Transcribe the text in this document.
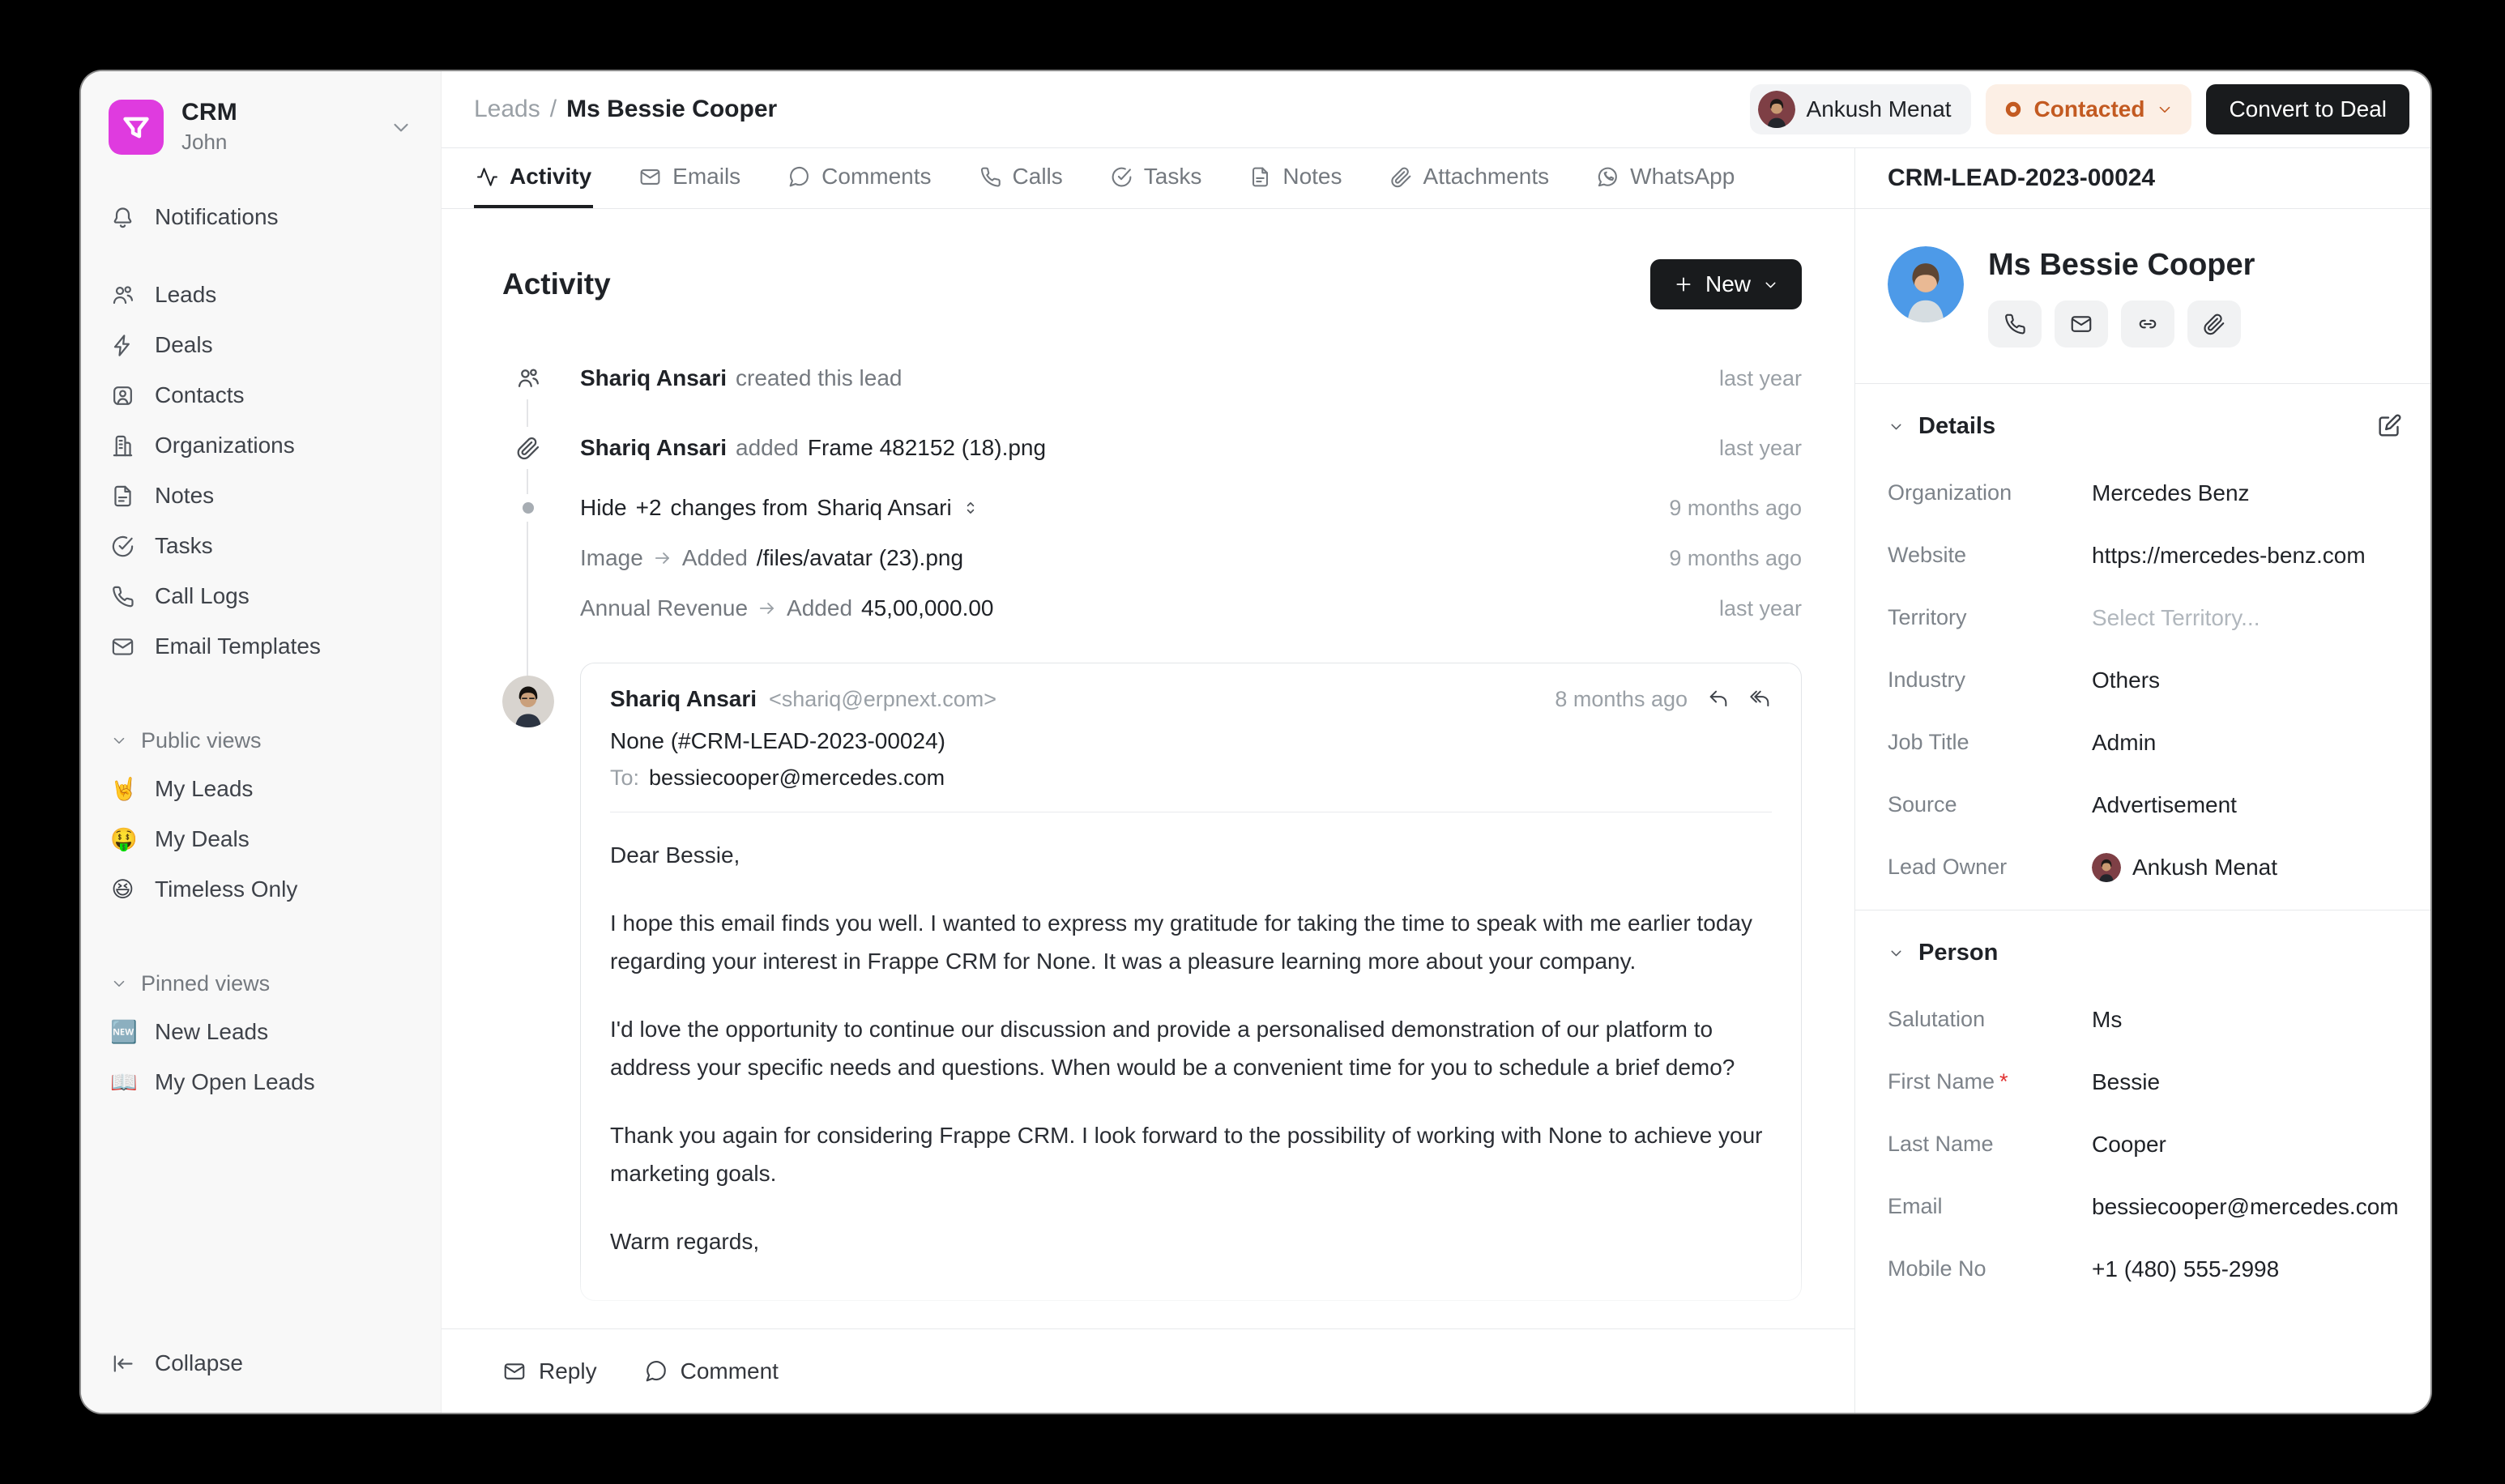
CRM
John
Notifications
Leads
Deals
Contacts
Organizations
Notes
Tasks
Call Logs
Email Templates
Public views
🤘 My Leads
🤑 My Deals
😆 Timeless Only
Pinned views
🆕 New Leads
📖 My Open Leads
Collapse
Leads / Ms Bessie Cooper	Ankush Menat	Contacted	Convert to Deal
Activity	Emails	Comments	Calls	Tasks	Notes	Attachments	WhatsApp
Activity	New
Shariq Ansari created this lead	last year
Shariq Ansari added Frame 482152 (18).png	last year
Hide +2 changes from Shariq Ansari	9 months ago
Image Added /files/avatar (23).png	9 months ago
Annual Revenue Added 45,00,000.00	last year
Shariq Ansari <shariq@erpnext.com>	8 months ago
None (#CRM-LEAD-2023-00024)
To: bessiecooper@mercedes.com

Dear Bessie,

I hope this email finds you well. I wanted to express my gratitude for taking the time to speak with me earlier today regarding your interest in Frappe CRM for None. It was a pleasure learning more about your company.

I'd love the opportunity to continue our discussion and provide a personalised demonstration of our platform to address your specific needs and questions. When would be a convenient time for you to schedule a brief demo?

Thank you again for considering Frappe CRM. I look forward to the possibility of working with None to achieve your marketing goals.

Warm regards,

Reply	Comment
CRM-LEAD-2023-00024
Ms Bessie Cooper
Details
Organization	Mercedes Benz
Website	https://mercedes-benz.com
Territory	Select Territory...
Industry	Others
Job Title	Admin
Source	Advertisement
Lead Owner	Ankush Menat
Person
Salutation	Ms
First Name *	Bessie
Last Name	Cooper
Email	bessiecooper@mercedes.com
Mobile No	+1 (480) 555-2998
